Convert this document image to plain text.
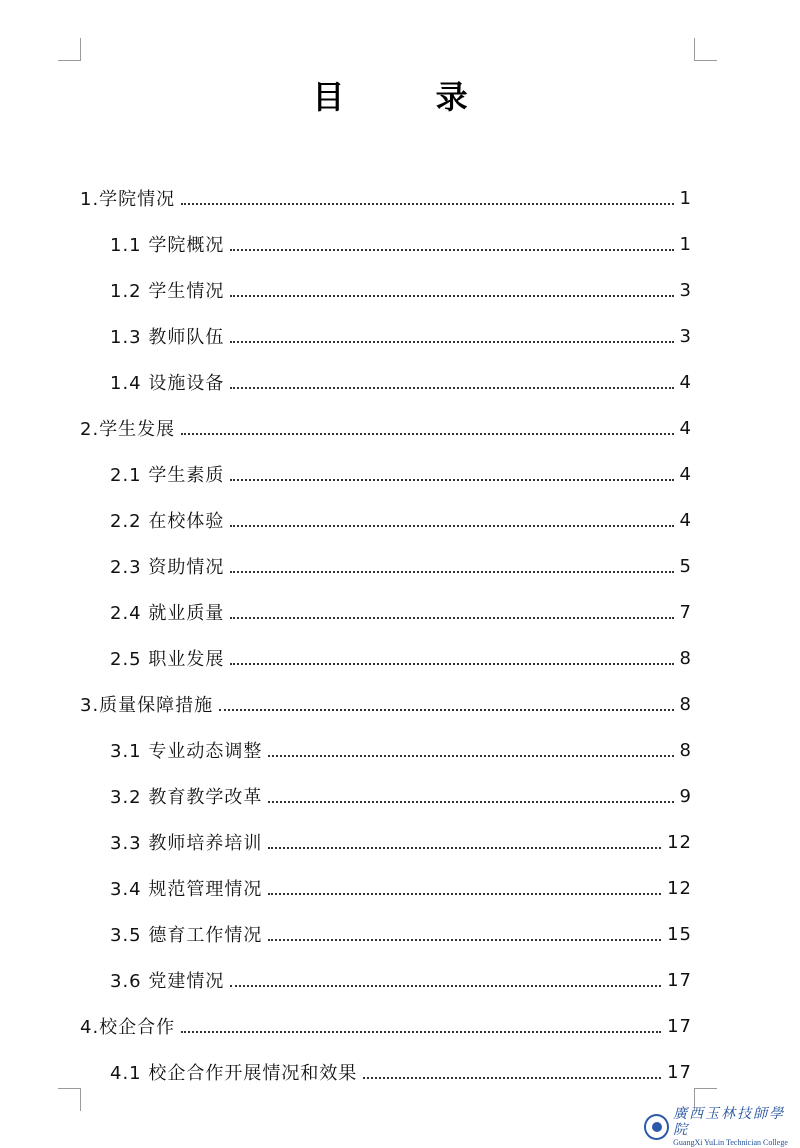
目 录
1.学院情况	1
1.1 学院概况	1
1.2 学生情况	3
1.3 教师队伍	3
1.4 设施设备	4
2.学生发展	4
2.1 学生素质	4
2.2 在校体验	4
2.3 资助情况	5
2.4 就业质量	7
2.5 职业发展	8
3.质量保障措施	8
3.1 专业动态调整	8
3.2 教育教学改革	9
3.3 教师培养培训	12
3.4 规范管理情况	12
3.5 德育工作情况	15
3.6 党建情况	17
4.校企合作	17
4.1 校企合作开展情况和效果	17
廣西玉林技師學院
GuangXi YuLin Technician College
